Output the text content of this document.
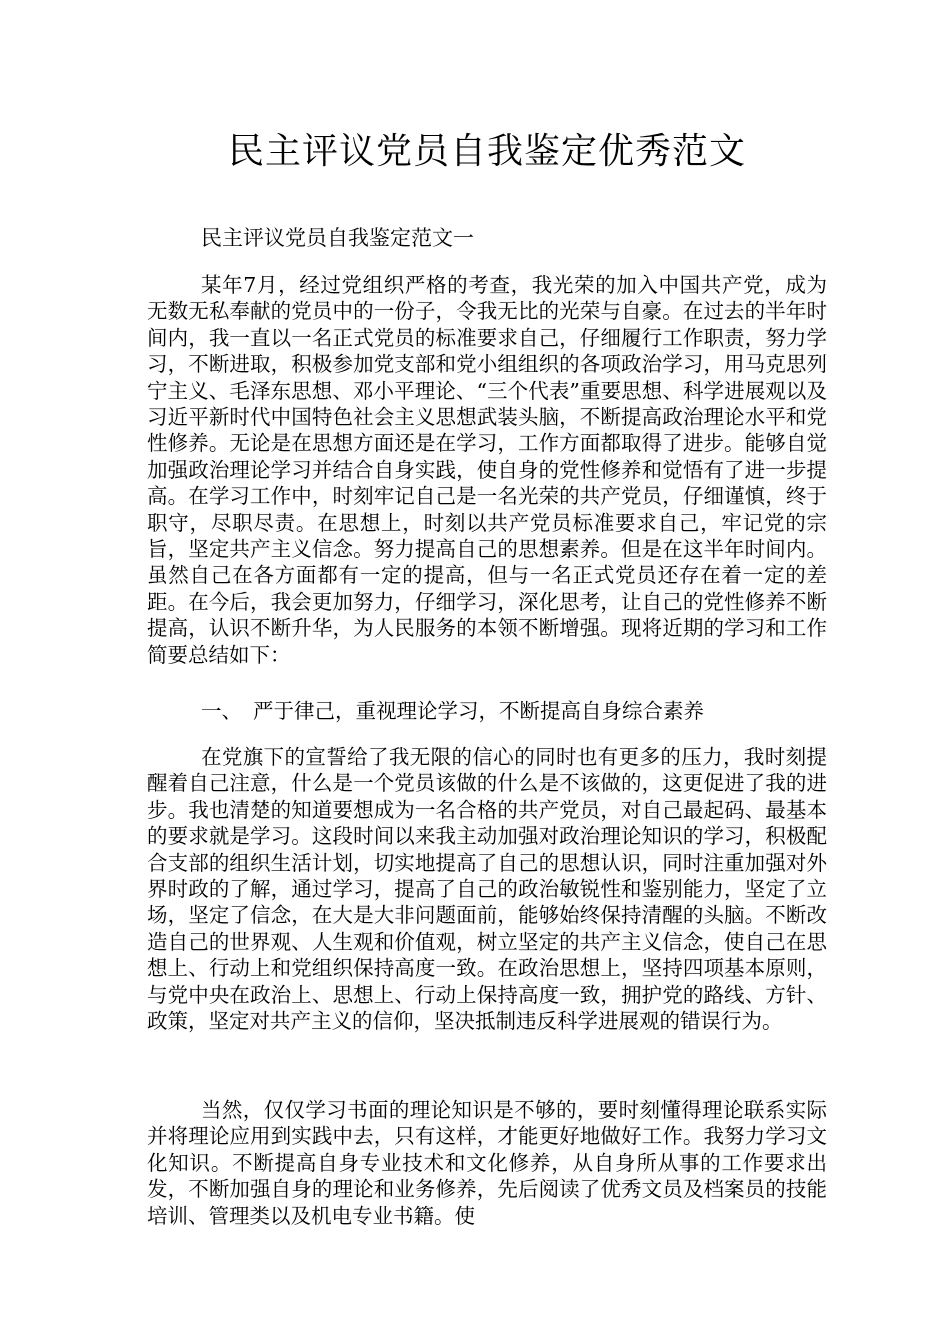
民主评议党员自我鉴定优秀范文

民主评议党员自我鉴定范文一

某年7月，经过党组织严格的考查，我光荣的加入中国共产党，成为无数无私奉献的党员中的一份子，令我无比的光荣与自豪。在过去的半年时间内，我一直以一名正式党员的标准要求自己，仔细履行工作职责，努力学习，不断进取，积极参加党支部和党小组组织的各项政治学习，用马克思列宁主义、毛泽东思想、邓小平理论、“三个代表”重要思想、科学进展观以及习近平新时代中国特色社会主义思想武装头脑，不断提高政治理论水平和党性修养。无论是在思想方面还是在学习，工作方面都取得了进步。能够自觉加强政治理论学习并结合自身实践，使自身的党性修养和觉悟有了进一步提高。在学习工作中，时刻牢记自己是一名光荣的共产党员，仔细谨慎，终于职守，尽职尽责。在思想上，时刻以共产党员标准要求自己，牢记党的宗旨，坚定共产主义信念。努力提高自己的思想素养。但是在这半年时间内。虽然自己在各方面都有一定的提高，但与一名正式党员还存在着一定的差距。在今后，我会更加努力，仔细学习，深化思考，让自己的党性修养不断提高，认识不断升华，为人民服务的本领不断增强。现将近期的学习和工作简要总结如下：

一、 严于律己，重视理论学习，不断提高自身综合素养

在党旗下的宣誓给了我无限的信心的同时也有更多的压力，我时刻提醒着自己注意，什么是一个党员该做的什么是不该做的，这更促进了我的进步。我也清楚的知道要想成为一名合格的共产党员，对自己最起码、最基本的要求就是学习。这段时间以来我主动加强对政治理论知识的学习，积极配合支部的组织生活计划，切实地提高了自己的思想认识，同时注重加强对外界时政的了解，通过学习，提高了自己的政治敏锐性和鉴别能力，坚定了立场，坚定了信念，在大是大非问题面前，能够始终保持清醒的头脑。不断改造自己的世界观、人生观和价值观，树立坚定的共产主义信念，使自己在思想上、行动上和党组织保持高度一致。在政治思想上，坚持四项基本原则，与党中央在政治上、思想上、行动上保持高度一致，拥护党的路线、方针、政策，坚定对共产主义的信仰，坚决抵制违反科学进展观的错误行为。

当然，仅仅学习书面的理论知识是不够的，要时刻懂得理论联系实际并将理论应用到实践中去，只有这样，才能更好地做好工作。我努力学习文化知识。不断提高自身专业技术和文化修养，从自身所从事的工作要求出发，不断加强自身的理论和业务修养，先后阅读了优秀文员及档案员的技能培训、管理类以及机电专业书籍。使
